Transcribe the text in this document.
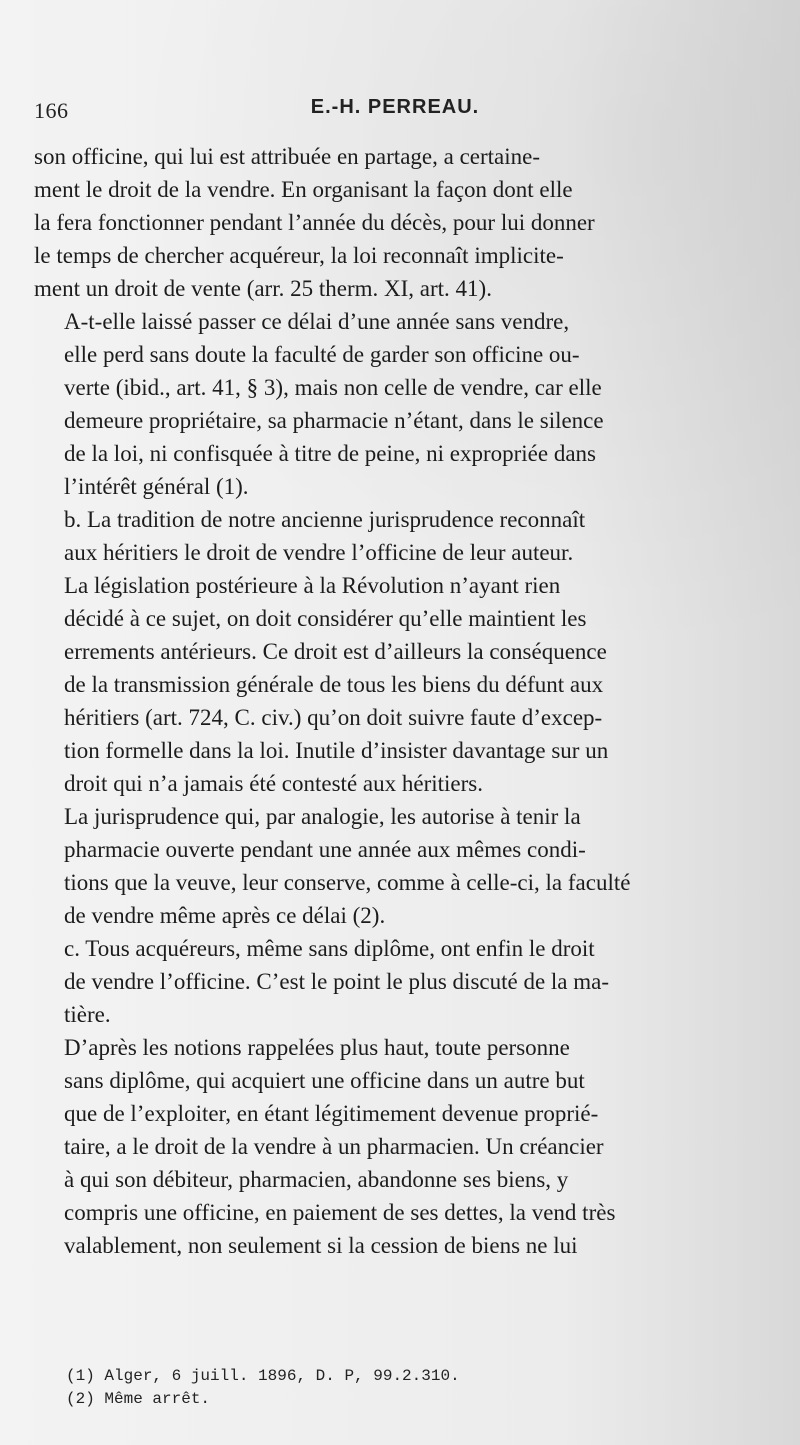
166	E.-H. PERREAU.

son officine, qui lui est attribuée en partage, a certaine-
ment le droit de la vendre. En organisant la façon dont elle
la fera fonctionner pendant l’année du décès, pour lui donner
le temps de chercher acquéreur, la loi reconnaît implicite-
ment un droit de vente (arr. 25 therm. XI, art. 41).

A-t-elle laissé passer ce délai d’une année sans vendre,
elle perd sans doute la faculté de garder son officine ou-
verte (ibid., art. 41, § 3), mais non celle de vendre, car elle
demeure propriétaire, sa pharmacie n’étant, dans le silence
de la loi, ni confisquée à titre de peine, ni expropriée dans
l’intérêt général (1).

b. La tradition de notre ancienne jurisprudence reconnaît
aux héritiers le droit de vendre l’officine de leur auteur.
La législation postérieure à la Révolution n’ayant rien
décidé à ce sujet, on doit considérer qu’elle maintient les
errements antérieurs. Ce droit est d’ailleurs la conséquence
de la transmission générale de tous les biens du défunt aux
héritiers (art. 724, C. civ.) qu’on doit suivre faute d’excep-
tion formelle dans la loi. Inutile d’insister davantage sur un
droit qui n’a jamais été contesté aux héritiers.

La jurisprudence qui, par analogie, les autorise à tenir la
pharmacie ouverte pendant une année aux mêmes condi-
tions que la veuve, leur conserve, comme à celle-ci, la faculté
de vendre même après ce délai (2).

c. Tous acquéreurs, même sans diplôme, ont enfin le droit
de vendre l’officine. C’est le point le plus discuté de la ma-
tière.

D’après les notions rappelées plus haut, toute personne
sans diplôme, qui acquiert une officine dans un autre but
que de l’exploiter, en étant légitimement devenue proprié-
taire, a le droit de la vendre à un pharmacien. Un créancier
à qui son débiteur, pharmacien, abandonne ses biens, y
compris une officine, en paiement de ses dettes, la vend très
valablement, non seulement si la cession de biens ne lui

(1) Alger, 6 juill. 1896, D. P, 99.2.310.
(2) Même arrêt.
